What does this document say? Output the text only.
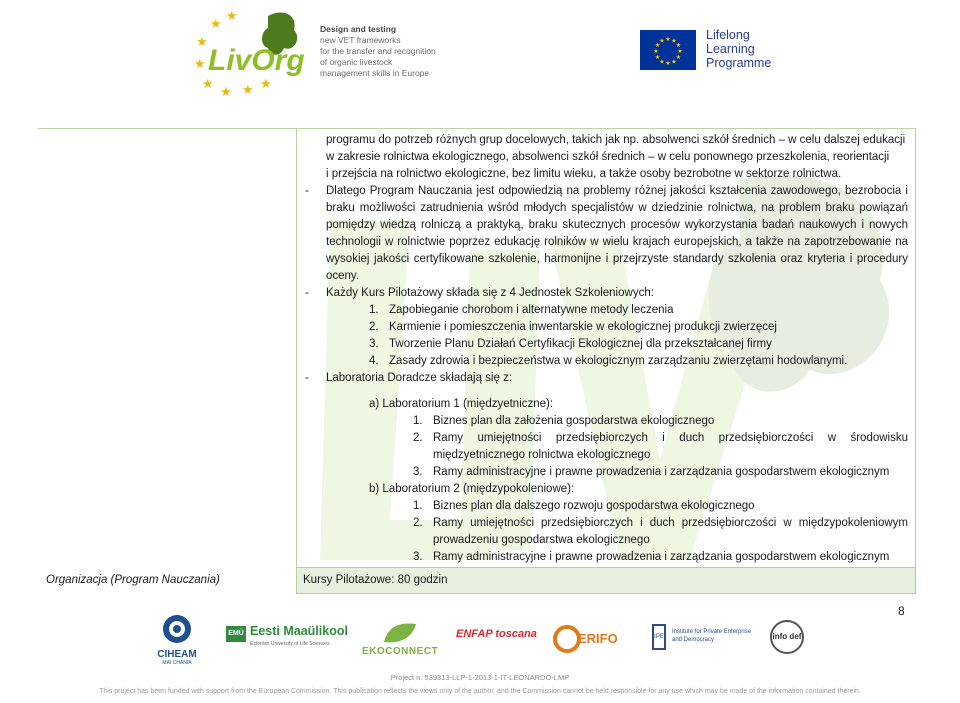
★
★
★
★
★
★ ★ ★
LivOrg
Design and testing
new VET frameworks
for the transfer and recognition
of organic livestock
management skills in Europe
★ ★
★
★
★
★
★
★
★
★
★
★	Lifelong
Learning
Programme
programu do potrzeb różnych grup docelowych, takich jak np. absolwenci szkół średnich – w celu dalszej edukacji
w zakresie rolnictwa ekologicznego, absolwenci szkół średnich – w celu ponownego przeszkolenia, reorientacji
i przejścia na rolnictwo ekologiczne, bez limitu wieku, a także osoby bezrobotne w sektorze rolnictwa.
- Dlatego Program Nauczania jest odpowiedzią na problemy różnej jakości kształcenia zawodowego, bezrobocia i braku możliwości zatrudnienia wśród młodych specjalistów w dziedzinie rolnictwa, na problem braku powiązań pomiędzy wiedzą rolniczą a praktyką, braku skutecznych procesów wykorzystania badań naukowych i nowych technologii w rolnictwie poprzez edukację rolników w wielu krajach europejskich, a także na zapotrzebowanie na wysokiej jakości certyfikowane szkolenie, harmonijne i przejrzyste standardy szkolenia oraz kryteria i procedury oceny.
- Każdy Kurs Pilotażowy składa się z 4 Jednostek Szkoleniowych:
1. Zapobieganie chorobom i alternatywne metody leczenia
2. Karmienie i pomieszczenia inwentarskie w ekologicznej produkcji zwierzęcej
3. Tworzenie Planu Działań Certyfikacji Ekologicznej dla przekształcanej firmy
4. Zasady zdrowia i bezpieczeństwa w ekologicznym zarządzaniu zwierzętami hodowlanymi.
- Laboratoria Doradcze składają się z:
a) Laboratorium 1 (międzyetniczne):
1. Biznes plan dla założenia gospodarstwa ekologicznego
2. Ramy umiejętności przedsiębiorczych i duch przedsiębiorczości w środowisku międzyetnicznego rolnictwa ekologicznego
3. Ramy administracyjne i prawne prowadzenia i zarządzania gospodarstwem ekologicznym
b) Laboratorium 2 (międzypokoleniowe):
1. Biznes plan dla dalszego rozwoju gospodarstwa ekologicznego
2. Ramy umiejętności przedsiębiorczych i duch przedsiębiorczości w międzypokoleniowym prowadzeniu gospodarstwa ekologicznego
3. Ramy administracyjne i prawne prowadzenia i zarządzania gospodarstwem ekologicznym
Organizacja (Program Nauczania)	Kursy Pilotażowe: 80 godzin
8
CIHEAM
MAI CHANIA
EMÜ Eesti Maaülikool
Estonian University of Life Sciences
EKOCONNECT
ENFAP toscana	ERIFO	IPE
Institute for Private Enterprise
and Democracy	info def
Project n. 539313-LLP-1-2013-1-IT-LEONARDO-LMP
This project has been funded with support from the European Commission. This publication reflects the views only of the author, and the Commission cannot be held responsible for any use which may be made of the information contained therein.
